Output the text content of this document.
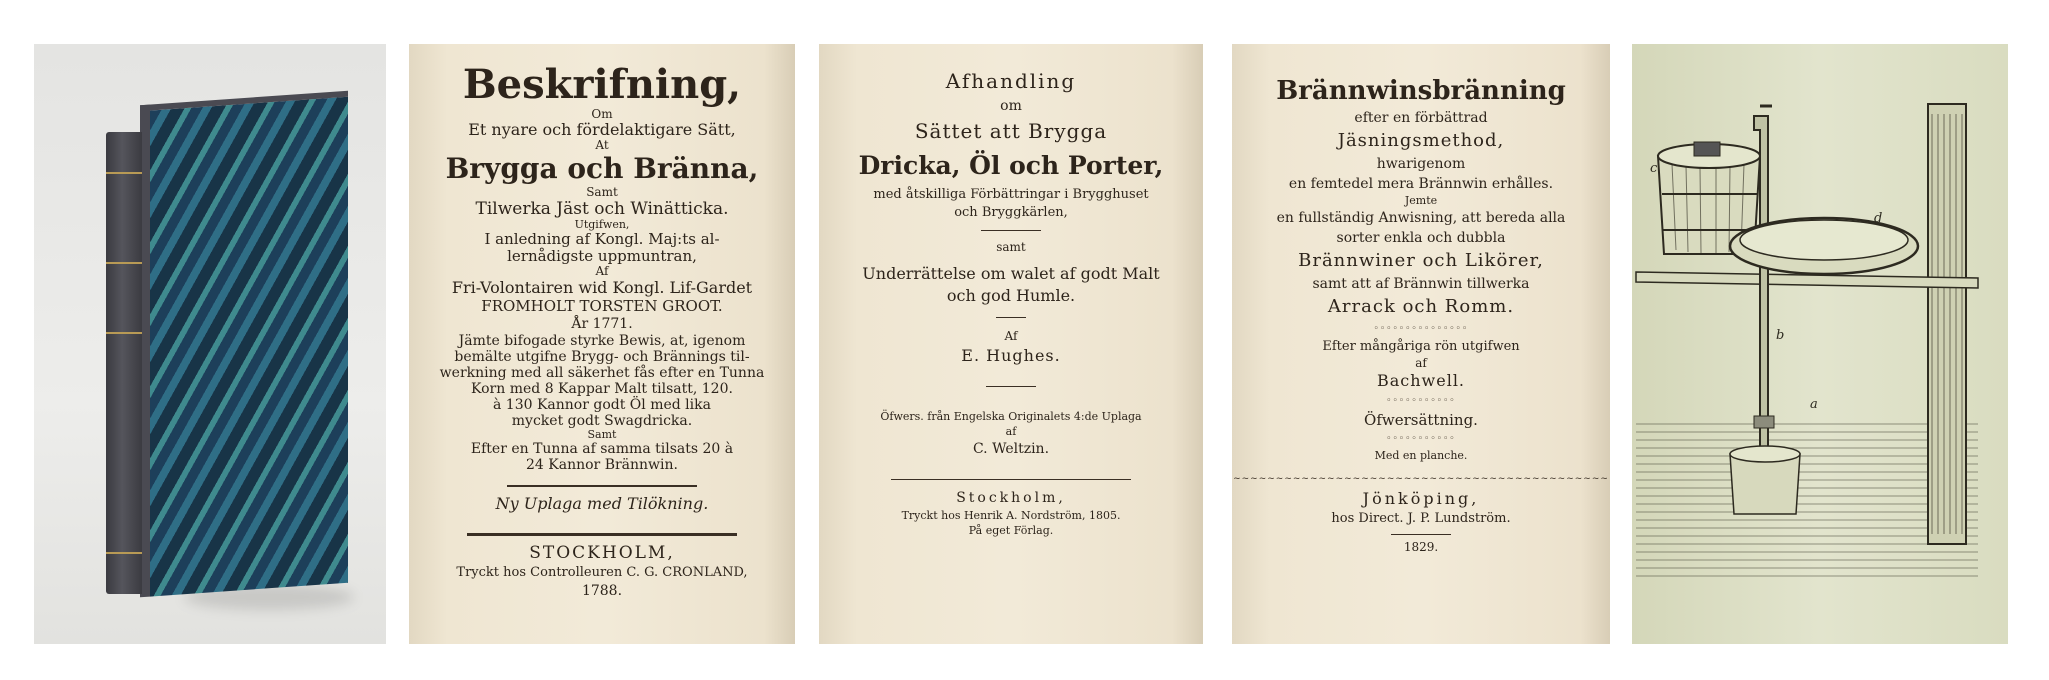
Beskrifning,
Om
Et nyare och fördelaktigare Sätt,
At
Brygga och Bränna,
Samt
Tilwerka Jäst och Winätticka.
Utgifwen,
I anledning af Kongl. Maj:ts al-
lernådigste uppmuntran,
Af
Fri-Volontairen wid Kongl. Lif-Gardet
FROMHOLT TORSTEN GROOT.
År 1771.
Jämte bifogade styrke Bewis, at, igenom
bemälte utgifne Brygg- och Brännings til-
werkning med all säkerhet fås efter en Tunna
Korn med 8 Kappar Malt tilsatt, 120.
à 130 Kannor godt Öl med lika
mycket godt Swagdricka.
Samt
Efter en Tunna af samma tilsats 20 à
24 Kannor Brännwin.
Ny Uplaga med Tilökning.
STOCKHOLM,
Tryckt hos Controlleuren C. G. CRONLAND,
1788.
Afhandling
om
Sättet att Brygga
Dricka, Öl och Porter,
med åtskilliga Förbättringar i Brygghuset
och Bryggkärlen,
samt
Underrättelse om walet af godt Malt
och god Humle.
Af
E. Hughes.
Öfwers. från Engelska Originalets 4:de Uplaga
af
C. Weltzin.
Stockholm,
Tryckt hos Henrik A. Nordström, 1805.
På eget Förlag.
Brännwinsbränning
efter en förbättrad
Jäsningsmethod,
hwarigenom
en femtedel mera Brännwin erhålles.
Jemte
en fullständig Anwisning, att bereda alla
sorter enkla och dubbla
Brännwiner och Likörer,
samt att af Brännwin tillwerka
Arrack och Romm.
◦◦◦◦◦◦◦◦◦◦◦◦◦◦◦
Efter mångåriga rön utgifwen
af
Bachwell.
◦◦◦◦◦◦◦◦◦◦◦
Öfwersättning.
◦◦◦◦◦◦◦◦◦◦◦
Med en planche.
~~~~~~~~~~~~~~~~~~~~~~~~~~~~~~~~~~~~~~~~~~~~
Jönköping,
hos Direct. J. P. Lundström.
1829.
c
d
b
a
